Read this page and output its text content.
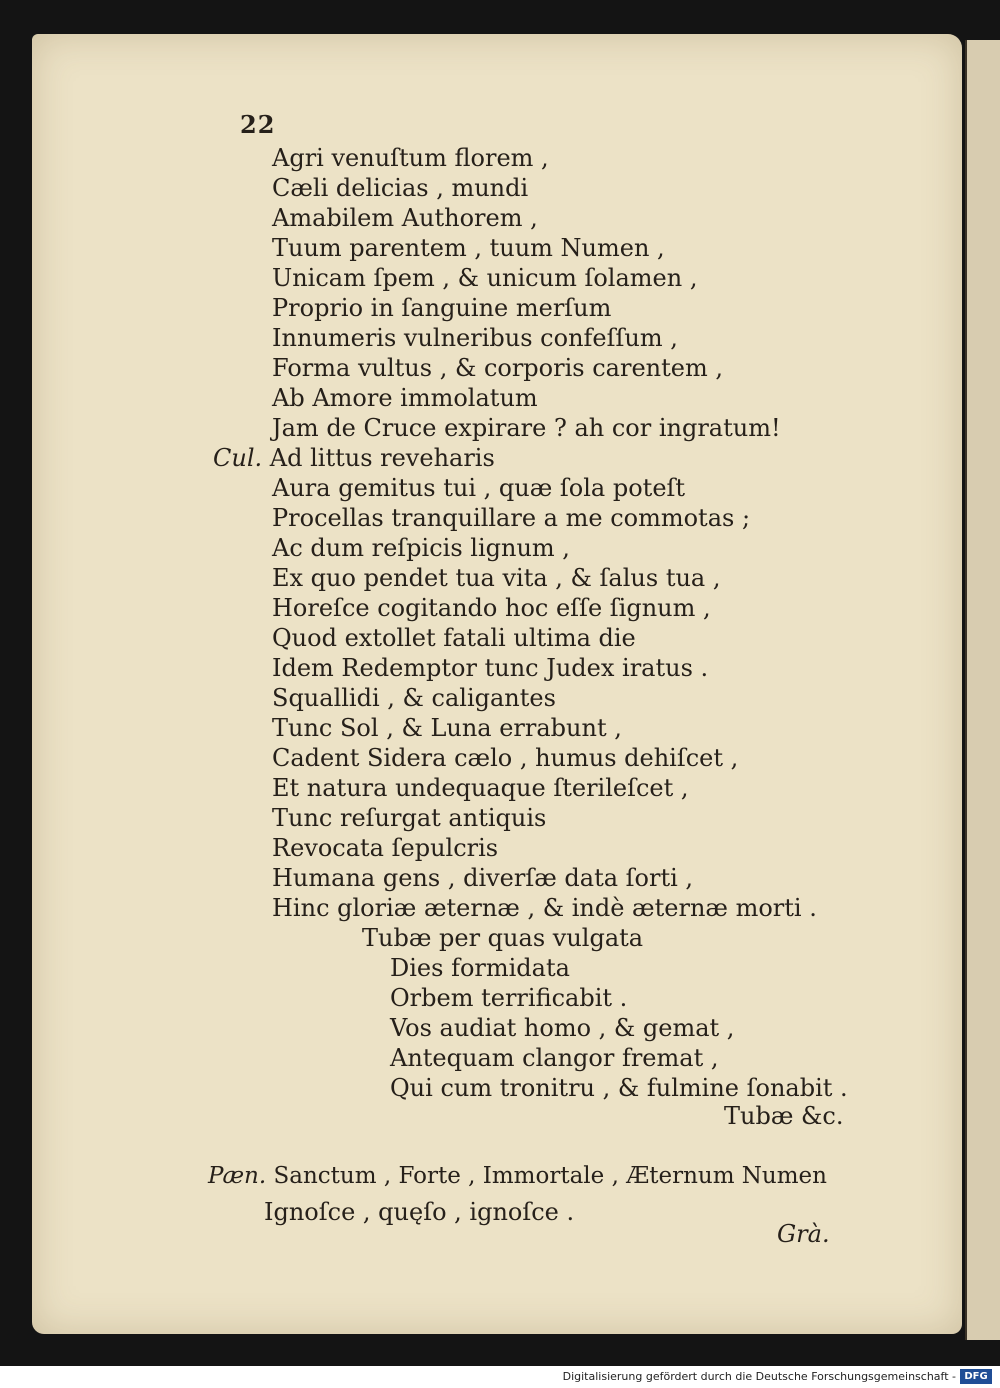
22
Agri venuſtum florem ,
Cæli delicias , mundi
Amabilem Authorem ,
Tuum parentem , tuum Numen ,
Unicam ſpem , & unicum ſolamen ,
Proprio in ſanguine merſum
Innumeris vulneribus confeſſum ,
Forma vultus , & corporis carentem ,
Ab Amore immolatum
Jam de Cruce expirare ? ah cor ingratum!
Cul. Ad littus reveharis
Aura gemitus tui , quæ ſola poteſt
Procellas tranquillare a me commotas ;
Ac dum reſpicis lignum ,
Ex quo pendet tua vita , & ſalus tua ,
Horeſce cogitando hoc eſſe ſignum ,
Quod extollet fatali ultima die
Idem Redemptor tunc Judex iratus .
Squallidi , & caligantes
Tunc Sol , & Luna errabunt ,
Cadent Sidera cælo , humus dehiſcet ,
Et natura undequaque ſterileſcet ,
Tunc reſurgat antiquis
Revocata ſepulcris
Humana gens , diverſæ data ſorti ,
Hinc gloriæ æternæ , & indè æternæ morti .
Tubæ per quas vulgata
Dies formidata
Orbem terrificabit .
Vos audiat homo , & gemat ,
Antequam clangor fremat ,
Qui cum tronitru , & fulmine ſonabit .
Tubæ &c.
Pæn. Sanctum , Forte , Immortale , Æternum Numen
Ignoſce , quęſo , ignoſce .
Grà.
Digitalisierung gefördert durch die Deutsche Forschungsgemeinschaft - DFG
